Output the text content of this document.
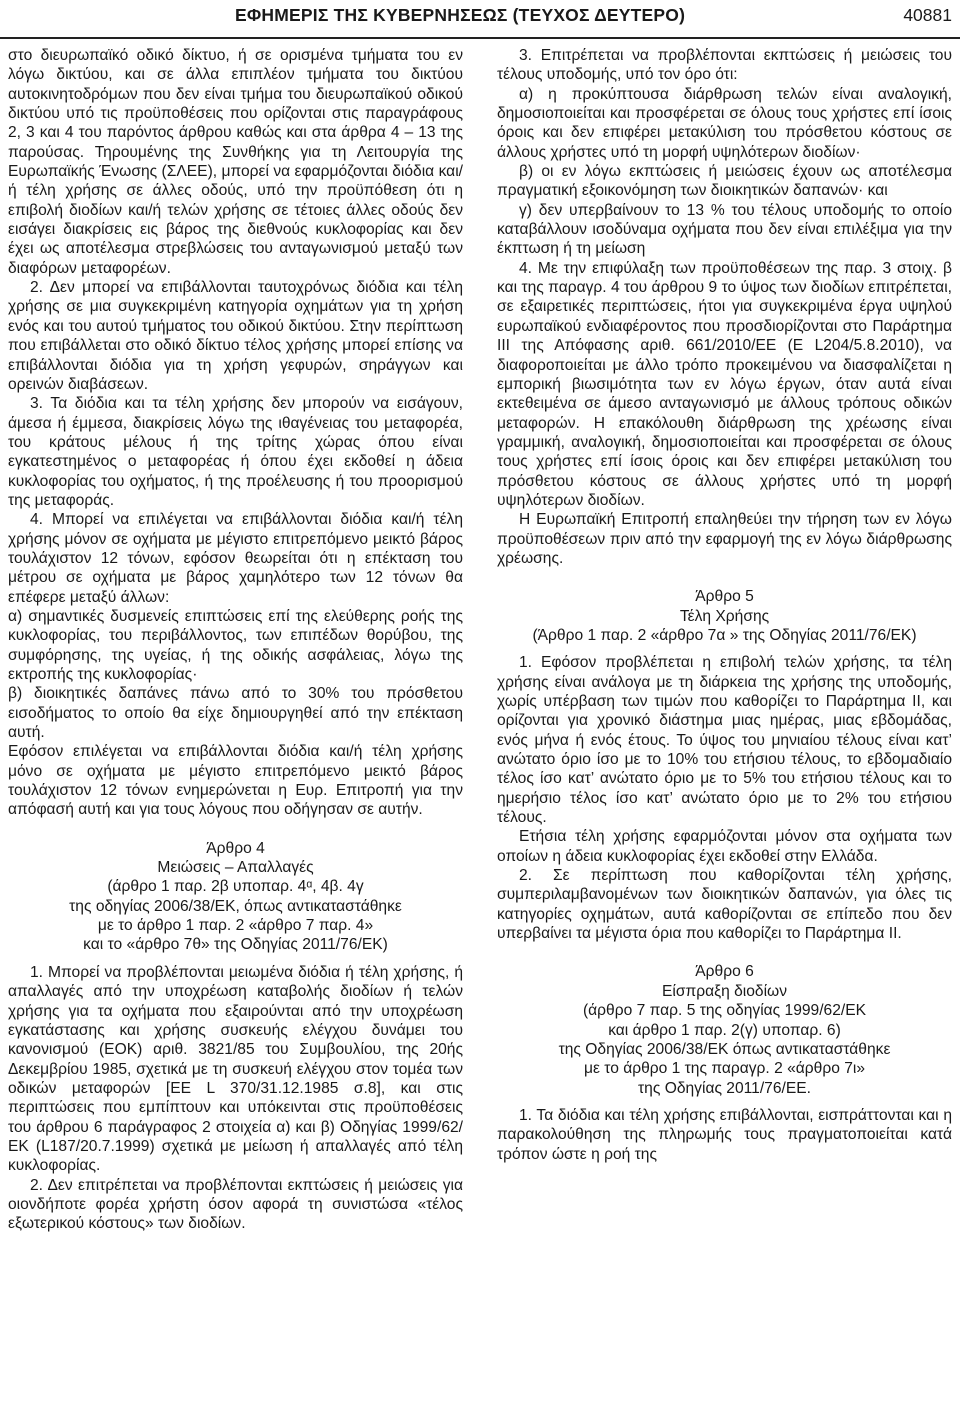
ΕΦΗΜΕΡΙΣ ΤΗΣ ΚΥΒΕΡΝΗΣΕΩΣ (ΤΕΥΧΟΣ ΔΕΥΤΕΡΟ)	40881

στο διευρωπαϊκό οδικό δίκτυο, ή σε ορισμένα τμήματα του εν λόγω δικτύου, και σε άλλα επιπλέον τμήματα του δικτύου αυτοκινητοδρόμων που δεν είναι τμήμα του διευρωπαϊκού οδικού δικτύου υπό τις προϋποθέσεις που ορίζονται στις παραγράφους 2, 3 και 4 του παρόντος άρθρου καθώς και στα άρθρα 4 – 13 της παρούσας. Τηρουμένης της Συνθήκης για τη Λειτουργία της Ευρωπαϊκής Ένωσης (ΣΛΕΕ), μπορεί να εφαρμόζονται διόδια και/ή τέλη χρήσης σε άλλες οδούς, υπό την προϋπόθεση ότι η επιβολή διοδίων και/ή τελών χρήσης σε τέτοιες άλλες οδούς δεν εισάγει διακρίσεις εις βάρος της διεθνούς κυκλοφορίας και δεν έχει ως αποτέλεσμα στρεβλώσεις του ανταγωνισμού μεταξύ των διαφόρων μεταφορέων.

2. Δεν μπορεί να επιβάλλονται ταυτοχρόνως διόδια και τέλη χρήσης σε μια συγκεκριμένη κατηγορία οχημάτων για τη χρήση ενός και του αυτού τμήματος του οδικού δικτύου. Στην περίπτωση που επιβάλλεται στο οδικό δίκτυο τέλος χρήσης μπορεί επίσης να επιβάλλονται διόδια για τη χρήση γεφυρών, σηράγγων και ορεινών διαβάσεων.

3. Τα διόδια και τα τέλη χρήσης δεν μπορούν να εισάγουν, άμεσα ή έμμεσα, διακρίσεις λόγω της ιθαγένειας του μεταφορέα, του κράτους μέλους ή της τρίτης χώρας όπου είναι εγκατεστημένος ο μεταφορέας ή όπου έχει εκδοθεί η άδεια κυκλοφορίας του οχήματος, ή της προέλευσης ή του προορισμού της μεταφοράς.

4. Μπορεί να επιλέγεται να επιβάλλονται διόδια και/ή τέλη χρήσης μόνον σε οχήματα με μέγιστο επιτρεπόμενο μεικτό βάρος τουλάχιστον 12 τόνων, εφόσον θεωρείται ότι η επέκταση του μέτρου σε οχήματα με βάρος χαμηλότερο των 12 τόνων θα επέφερε μεταξύ άλλων:

α) σημαντικές δυσμενείς επιπτώσεις επί της ελεύθερης ροής της κυκλοφορίας, του περιβάλλοντος, των επιπέδων θορύβου, της συμφόρησης, της υγείας, ή της οδικής ασφάλειας, λόγω της εκτροπής της κυκλοφορίας·

β) διοικητικές δαπάνες πάνω από το 30% του πρόσθετου εισοδήματος το οποίο θα είχε δημιουργηθεί από την επέκταση αυτή.

Εφόσον επιλέγεται να επιβάλλονται διόδια και/ή τέλη χρήσης μόνο σε οχήματα με μέγιστο επιτρεπόμενο μεικτό βάρος τουλάχιστον 12 τόνων ενημερώνεται η Ευρ. Επιτροπή για την απόφασή αυτή και για τους λόγους που οδήγησαν σε αυτήν.

Άρθρο 4

Μειώσεις – Απαλλαγές

(άρθρο 1 παρ. 2β υποπαρ. 4ᵅ, 4β. 4γ

της οδηγίας 2006/38/ΕΚ, όπως αντικαταστάθηκε

με το άρθρο 1 παρ. 2 «άρθρο 7 παρ. 4»

και το «άρθρο 7θ» της Οδηγίας 2011/76/ΕΚ)

1. Μπορεί να προβλέπονται μειωμένα διόδια ή τέλη χρήσης, ή απαλλαγές από την υποχρέωση καταβολής διοδίων ή τελών χρήσης για τα οχήματα που εξαιρούνται από την υποχρέωση εγκατάστασης και χρήσης συσκευής ελέγχου δυνάμει του κανονισμού (ΕΟΚ) αριθ. 3821/85 του Συμβουλίου, της 20ής Δεκεμβρίου 1985, σχετικά με τη συσκευή ελέγχου στον τομέα των οδικών μεταφορών [ΕΕ L 370/31.12.1985 σ.8], και στις περιπτώσεις που εμπίπτουν και υπόκεινται στις προϋποθέσεις του άρθρου 6 παράγραφος 2 στοιχεία α) και β) Οδηγίας 1999/62/ΕΚ (L187/20.7.1999) σχετικά με μείωση ή απαλλαγές από τέλη κυκλοφορίας.

2. Δεν επιτρέπεται να προβλέπονται εκπτώσεις ή μειώσεις για οιονδήποτε φορέα χρήστη όσον αφορά τη συνιστώσα «τέλος εξωτερικού κόστους» των διοδίων.

3. Επιτρέπεται να προβλέπονται εκπτώσεις ή μειώσεις του τέλους υποδομής, υπό τον όρο ότι:

α) η προκύπτουσα διάρθρωση τελών είναι αναλογική, δημοσιοποιείται και προσφέρεται σε όλους τους χρήστες επί ίσοις όροις και δεν επιφέρει μετακύλιση του πρόσθετου κόστους σε άλλους χρήστες υπό τη μορφή υψηλότερων διοδίων·

β) οι εν λόγω εκπτώσεις ή μειώσεις έχουν ως αποτέλεσμα πραγματική εξοικονόμηση των διοικητικών δαπανών· και

γ) δεν υπερβαίνουν το 13 % του τέλους υποδομής το οποίο καταβάλλουν ισοδύναμα οχήματα που δεν είναι επιλέξιμα για την έκπτωση ή τη μείωση

4. Με την επιφύλαξη των προϋποθέσεων της παρ. 3 στοιχ. β και της παραγρ. 4 του άρθρου 9 το ύψος των διοδίων επιτρέπεται, σε εξαιρετικές περιπτώσεις, ήτοι για συγκεκριμένα έργα υψηλού ευρωπαϊκού ενδιαφέροντος που προσδιορίζονται στο Παράρτημα ΙΙΙ της Απόφασης αριθ. 661/2010/ΕΕ (Ε L204/5.8.2010), να διαφοροποιείται με άλλο τρόπο προκειμένου να διασφαλίζεται η εμπορική βιωσιμότητα των εν λόγω έργων, όταν αυτά είναι εκτεθειμένα σε άμεσο ανταγωνισμό με άλλους τρόπους οδικών μεταφορών. Η επακόλουθη διάρθρωση της χρέωσης είναι γραμμική, αναλογική, δημοσιοποιείται και προσφέρεται σε όλους τους χρήστες επί ίσοις όροις και δεν επιφέρει μετακύλιση του πρόσθετου κόστους σε άλλους χρήστες υπό τη μορφή υψηλότερων διοδίων.

Η Ευρωπαϊκή Επιτροπή επαληθεύει την τήρηση των εν λόγω προϋποθέσεων πριν από την εφαρμογή της εν λόγω διάρθρωσης χρέωσης.

Άρθρο 5

Τέλη Χρήσης

(Άρθρο 1 παρ. 2 «άρθρο 7α » της Οδηγίας 2011/76/ΕΚ)

1. Εφόσον προβλέπεται η επιβολή τελών χρήσης, τα τέλη χρήσης είναι ανάλογα με τη διάρκεια της χρήσης της υποδομής, χωρίς υπέρβαση των τιμών που καθορίζει το Παράρτημα ΙΙ, και ορίζονται για χρονικό διάστημα μιας ημέρας, μιας εβδομάδας, ενός μήνα ή ενός έτους. Το ύψος του μηνιαίου τέλους είναι κατ’ ανώτατο όριο ίσο με το 10% του ετήσιου τέλους, το εβδομαδιαίο τέλος ίσο κατ’ ανώτατο όριο με το 5% του ετήσιου τέλους και το ημερήσιο τέλος ίσο κατ’ ανώτατο όριο με το 2% του ετήσιου τέλους.

Ετήσια τέλη χρήσης εφαρμόζονται μόνον στα οχήματα των οποίων η άδεια κυκλοφορίας έχει εκδοθεί στην Ελλάδα.

2. Σε περίπτωση που καθορίζονται τέλη χρήσης, συμπεριλαμβανομένων των διοικητικών δαπανών, για όλες τις κατηγορίες οχημάτων, αυτά καθορίζονται σε επίπεδο που δεν υπερβαίνει τα μέγιστα όρια που καθορίζει το Παράρτημα ΙΙ.

Άρθρο 6

Είσπραξη διοδίων

(άρθρο 7 παρ. 5 της οδηγίας 1999/62/ΕΚ

και άρθρο 1 παρ. 2(γ) υποπαρ. 6)

της Οδηγίας 2006/38/ΕΚ όπως αντικαταστάθηκε

με το άρθρο 1 της παραγρ. 2 «άρθρο 7ι»

της Οδηγίας 2011/76/ΕΕ.

1. Τα διόδια και τέλη χρήσης επιβάλλονται, εισπράττονται και η παρακολούθηση της πληρωμής τους πραγματοποιείται κατά τρόπον ώστε η ροή της
